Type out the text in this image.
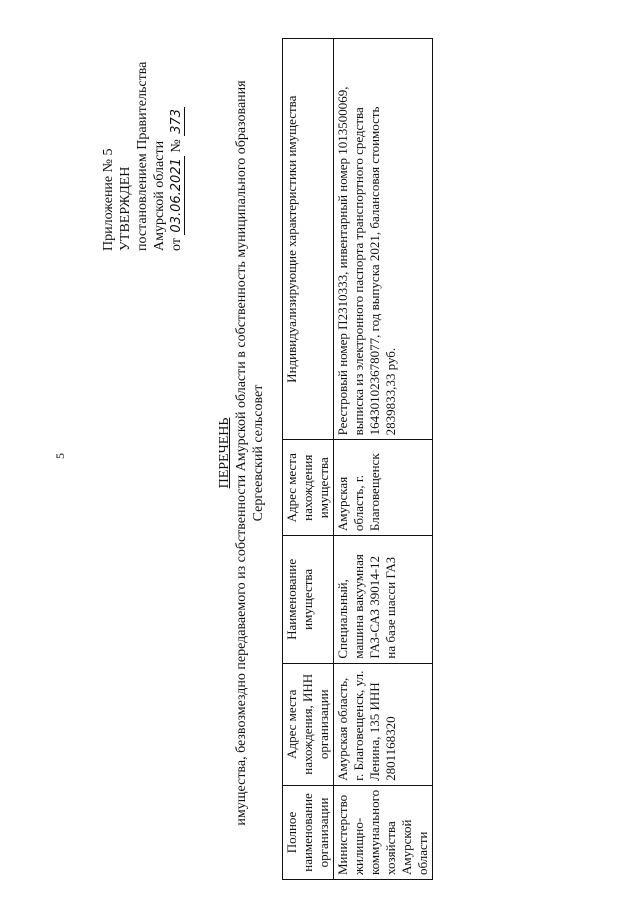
5
Приложение № 5 УТВЕРЖДЕН постановлением Правительства Амурской области от 03.06.2021 № 373
ПЕРЕЧЕНЬ имущества, безвозмездно передаваемого из собственности Амурской области в собственность муниципального образования Сергеевский сельсовет
Полное наименование организации	Адрес места нахождения, ИНН организации	Наименование имущества	Адрес места нахождения имущества	Индивидуализирующие характеристики имущества
Министерство жилищно-коммунального хозяйства Амурской области	Амурская область, г. Благовещенск, ул. Ленина, 135 ИНН 2801168320	Специальный, машина вакуумная ГАЗ-САЗ 39014-12 на базе шасси ГАЗ	Амурская область, г. Благовещенск	Реестровый номер П2310333, инвентарный номер 1013500069, выписка из электронного паспорта транспортного средства 164301023678077, год выпуска 2021, балансовая стоимость 2839833,33 руб.
